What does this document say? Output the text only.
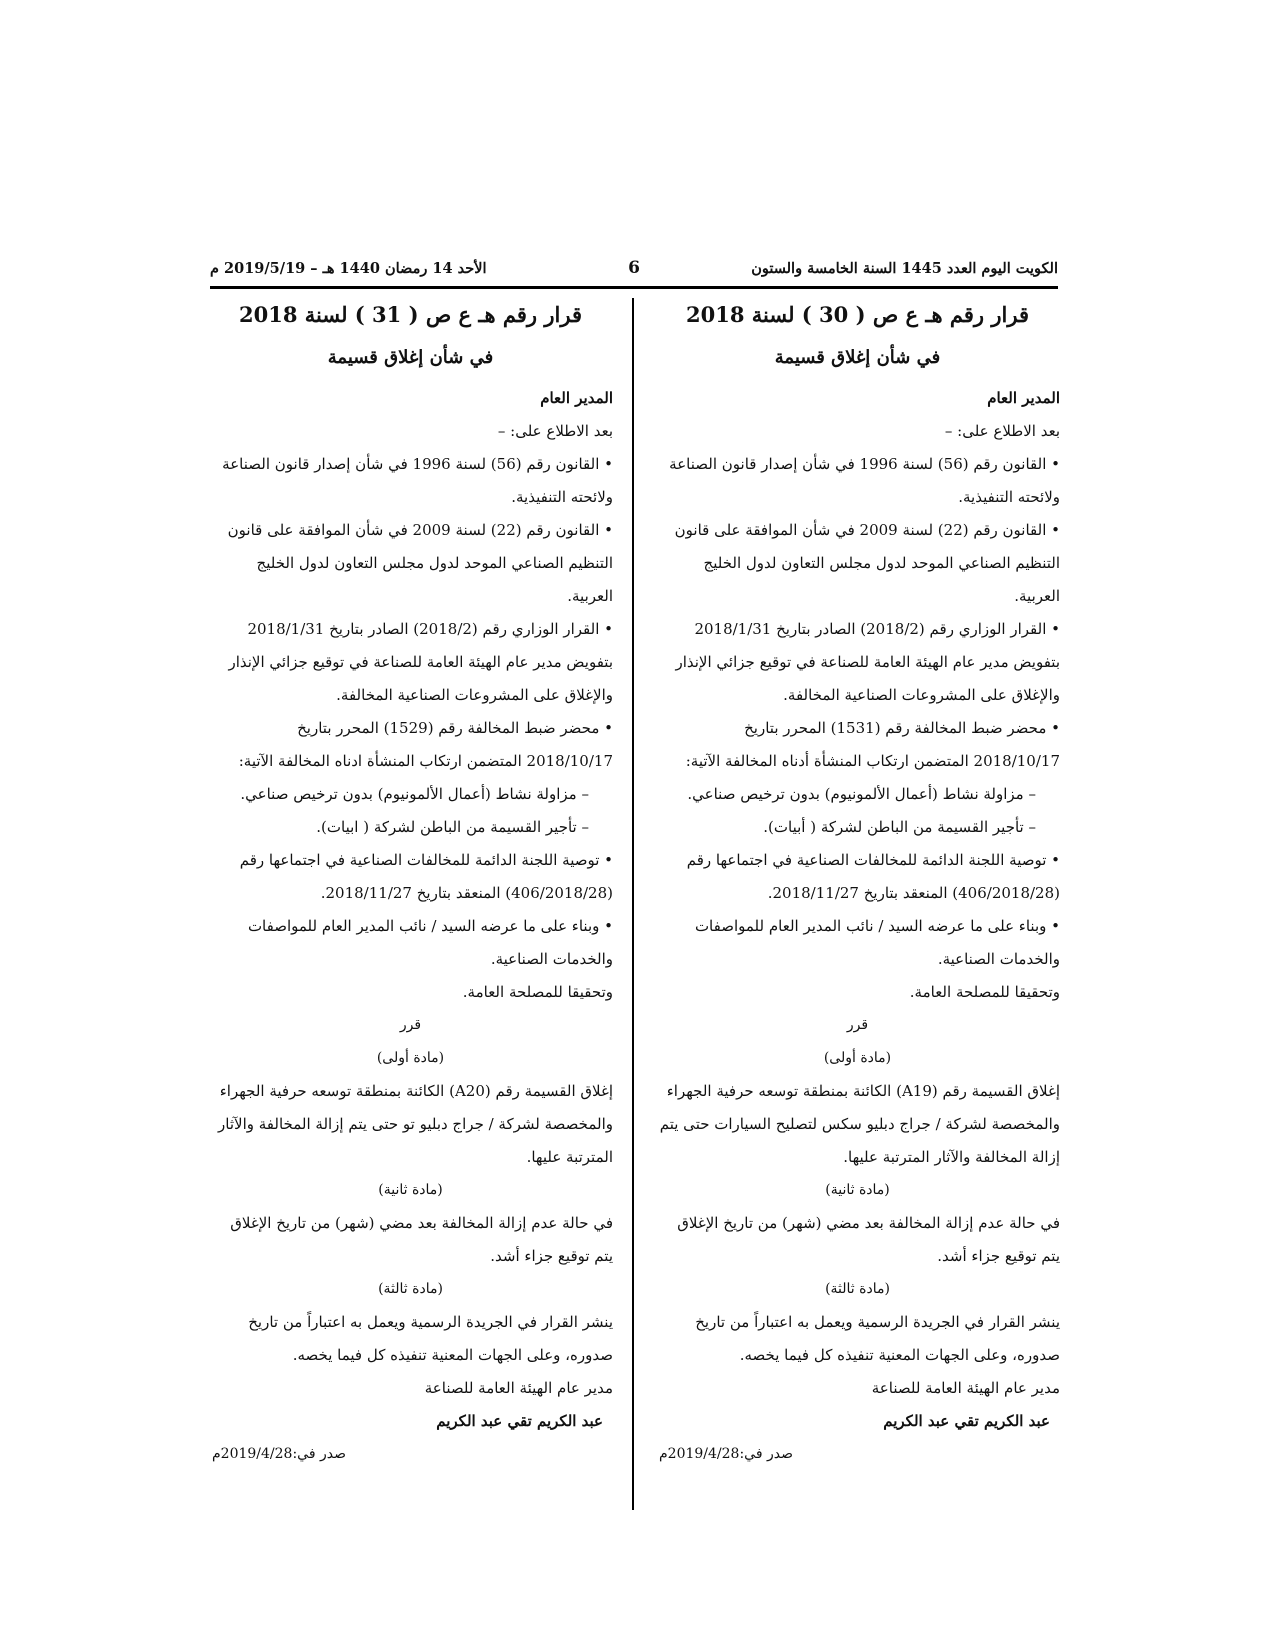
الكويت اليوم العدد 1445 السنة الخامسة والستون
6
الأحد 14 رمضان 1440 هـ – 2019/5/19 م
قرار رقم هـ ع ص ( 30 ) لسنة 2018
في شأن إغلاق قسيمة

المدير العام

بعد الاطلاع على: –

• القانون رقم (56) لسنة 1996 في شأن إصدار قانون الصناعة ولائحته التنفيذية.

• القانون رقم (22) لسنة 2009 في شأن الموافقة على قانون التنظيم الصناعي الموحد لدول مجلس التعاون لدول الخليج العربية.

• القرار الوزاري رقم (2018/2) الصادر بتاريخ 2018/1/31 بتفويض مدير عام الهيئة العامة للصناعة في توقيع جزائي الإنذار والإغلاق على المشروعات الصناعية المخالفة.

• محضر ضبط المخالفة رقم (1531) المحرر بتاريخ 2018/10/17 المتضمن ارتكاب المنشأة أدناه المخالفة الآتية:

– مزاولة نشاط (أعمال الألمونيوم) بدون ترخيص صناعي.

– تأجير القسيمة من الباطن لشركة ( أبيات).

• توصية اللجنة الدائمة للمخالفات الصناعية في اجتماعها رقم (406/2018/28) المنعقد بتاريخ 2018/11/27.

• وبناء على ما عرضه السيد / نائب المدير العام للمواصفات والخدمات الصناعية.

وتحقيقا للمصلحة العامة.

قرر

(مادة أولى)

إغلاق القسيمة رقم (A19) الكائنة بمنطقة توسعه حرفية الجهراء والمخصصة لشركة / جراج دبليو سكس لتصليح السيارات حتى يتم إزالة المخالفة والآثار المترتبة عليها.

(مادة ثانية)

في حالة عدم إزالة المخالفة بعد مضي (شهر) من تاريخ الإغلاق يتم توقيع جزاء أشد.

(مادة ثالثة)

ينشر القرار في الجريدة الرسمية ويعمل به اعتباراً من تاريخ صدوره، وعلى الجهات المعنية تنفيذه كل فيما يخصه.

مدير عام الهيئة العامة للصناعة

عبد الكريم تقي عبد الكريم

صدر في:2019/4/28م

قرار رقم هـ ع ص ( 31 ) لسنة 2018
في شأن إغلاق قسيمة

المدير العام

بعد الاطلاع على: –

• القانون رقم (56) لسنة 1996 في شأن إصدار قانون الصناعة ولائحته التنفيذية.

• القانون رقم (22) لسنة 2009 في شأن الموافقة على قانون التنظيم الصناعي الموحد لدول مجلس التعاون لدول الخليج العربية.

• القرار الوزاري رقم (2018/2) الصادر بتاريخ 2018/1/31 بتفويض مدير عام الهيئة العامة للصناعة في توقيع جزائي الإنذار والإغلاق على المشروعات الصناعية المخالفة.

• محضر ضبط المخالفة رقم (1529) المحرر بتاريخ 2018/10/17 المتضمن ارتكاب المنشأة ادناه المخالفة الآتية:

– مزاولة نشاط (أعمال الألمونيوم) بدون ترخيص صناعي.

– تأجير القسيمة من الباطن لشركة ( ابيات).

• توصية اللجنة الدائمة للمخالفات الصناعية في اجتماعها رقم (406/2018/28) المنعقد بتاريخ 2018/11/27.

• وبناء على ما عرضه السيد / نائب المدير العام للمواصفات والخدمات الصناعية.

وتحقيقا للمصلحة العامة.

قرر

(مادة أولى)

إغلاق القسيمة رقم (A20) الكائنة بمنطقة توسعه حرفية الجهراء والمخصصة لشركة / جراج دبليو تو حتى يتم إزالة المخالفة والآثار المترتبة عليها.

(مادة ثانية)

في حالة عدم إزالة المخالفة بعد مضي (شهر) من تاريخ الإغلاق يتم توقيع جزاء أشد.

(مادة ثالثة)

ينشر القرار في الجريدة الرسمية ويعمل به اعتباراً من تاريخ صدوره، وعلى الجهات المعنية تنفيذه كل فيما يخصه.

مدير عام الهيئة العامة للصناعة

عبد الكريم تقي عبد الكريم

صدر في:2019/4/28م
